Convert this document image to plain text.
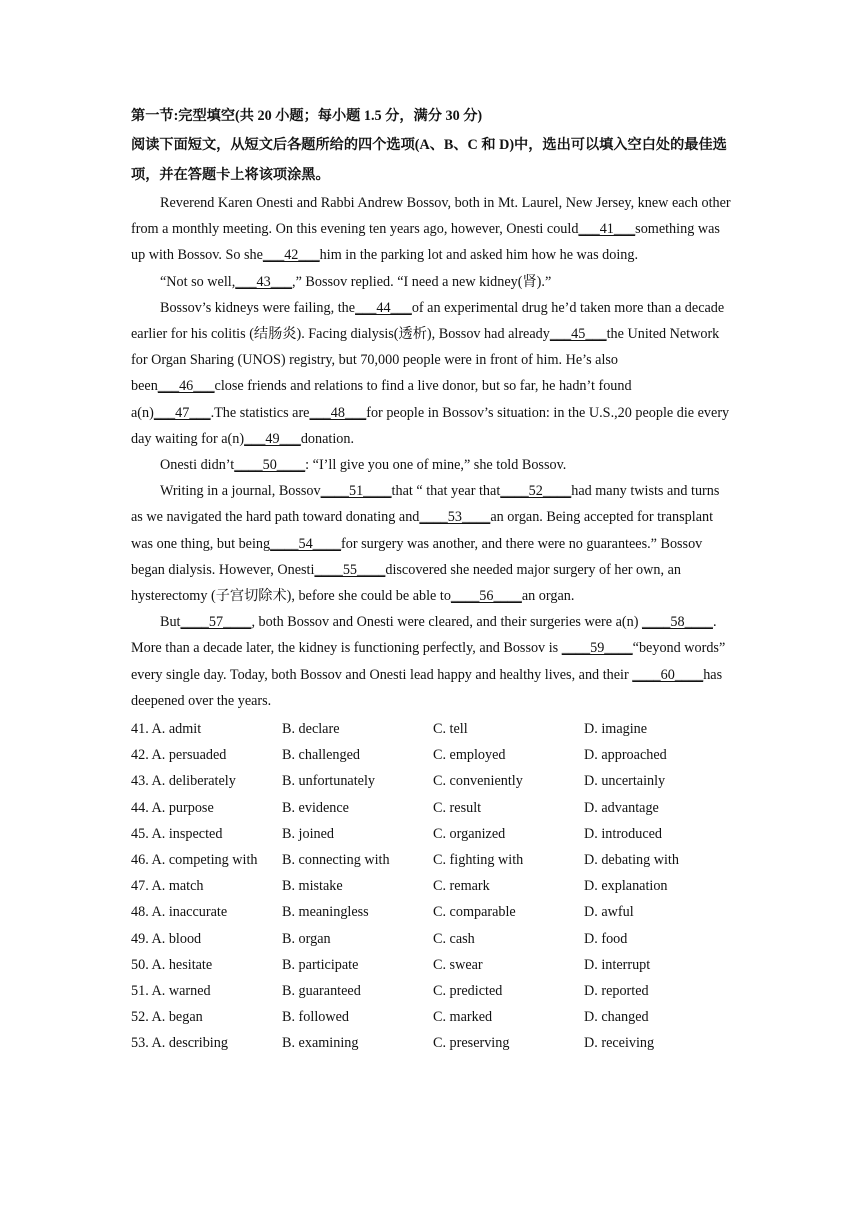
第一节:完型填空(共 20 小题；每小题 1.5 分，满分 30 分)

阅读下面短文，从短文后各题所给的四个选项(A、B、C 和 D)中，选出可以填入空白处的最佳选项，并在答题卡上将该项涂黑。

Reverend Karen Onesti and Rabbi Andrew Bossov, both in Mt. Laurel, New Jersey, knew each other from a monthly meeting. On this evening ten years ago, however, Onesti could___41___something was up with Bossov. So she___42___him in the parking lot and asked him how he was doing.

“Not so well,___43___,” Bossov replied. “I need a new kidney(肾).”

Bossov’s kidneys were failing, the___44___of an experimental drug he’d taken more than a decade earlier for his colitis (结肠炎). Facing dialysis(透析), Bossov had already___45___the United Network for Organ Sharing (UNOS) registry, but 70,000 people were in front of him. He’s also been___46___close friends and relations to find a live donor, but so far, he hadn’t found a(n)___47___.The statistics are___48___for people in Bossov’s situation: in the U.S.,20 people die every day waiting for a(n)___49___donation.

Onesti didn’t____50____: “I’ll give you one of mine,” she told Bossov.

Writing in a journal, Bossov____51____that “ that year that____52____had many twists and turns as we navigated the hard path toward donating and____53____an organ. Being accepted for transplant was one thing, but being____54____for surgery was another, and there were no guarantees.” Bossov began dialysis. However, Onesti____55____discovered she needed major surgery of her own, an hysterectomy (子宫切除术), before she could be able to____56____an organ.

But____57____, both Bossov and Onesti were cleared, and their surgeries were a(n) ____58____. More than a decade later, the kidney is functioning perfectly, and Bossov is ____59____“beyond words” every single day. Today, both Bossov and Onesti lead happy and healthy lives, and their ____60____has deepened over the years.

41. A. admit	B. declare	C. tell	D. imagine
42. A. persuaded	B. challenged	C. employed	D. approached
43. A. deliberately	B. unfortunately	C. conveniently	D. uncertainly
44. A. purpose	B. evidence	C. result	D. advantage
45. A. inspected	B. joined	C. organized	D. introduced
46. A. competing with	B. connecting with	C. fighting with	D. debating with
47. A. match	B. mistake	C. remark	D. explanation
48. A. inaccurate	B. meaningless	C. comparable	D. awful
49. A. blood	B. organ	C. cash	D. food
50. A. hesitate	B. participate	C. swear	D. interrupt
51. A. warned	B. guaranteed	C. predicted	D. reported
52. A. began	B. followed	C. marked	D. changed
53. A. describing	B. examining	C. preserving	D. receiving
